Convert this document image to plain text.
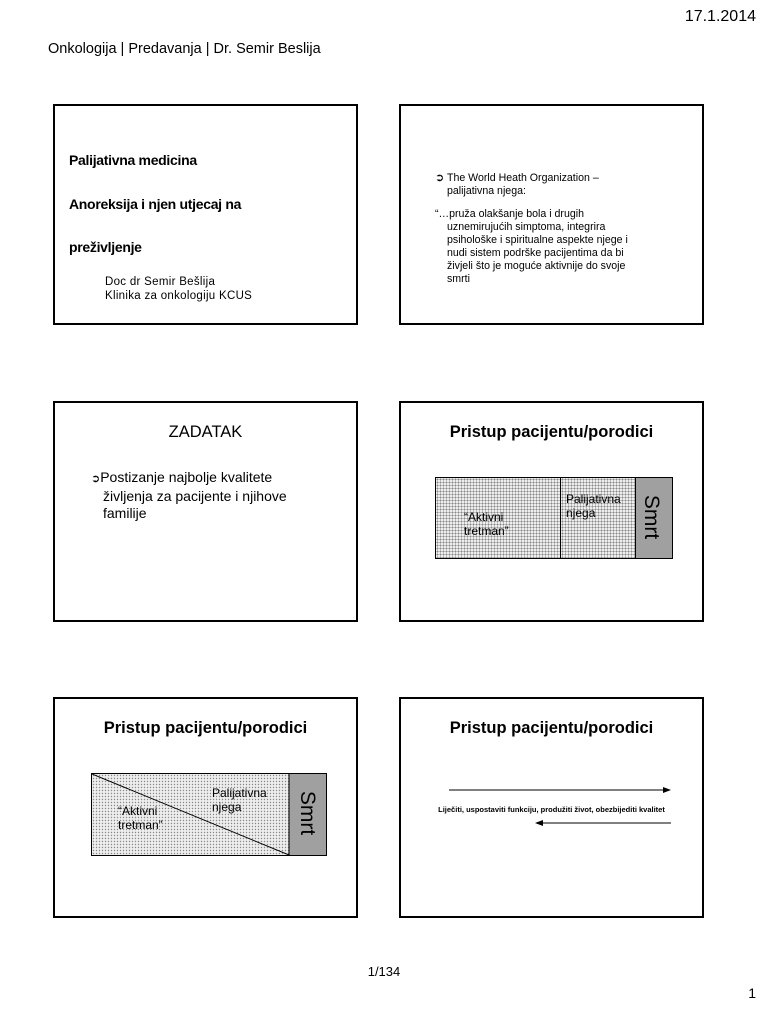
17.1.2014
Onkologija | Predavanja | Dr. Semir Beslija
Palijativna medicina
Anoreksija i njen utjecaj na
preživljenje
Doc dr Semir Bešlija
Klinika za onkologiju KCUS
➲ The World Heath Organization –
palijativna njega:
“…pruža olakšanje bola i drugih
uznemirujućih simptoma, integrira
psihološke i spiritualne aspekte njege i
nudi sistem podrške pacijentima da bi
živjeli što je moguće aktivnije do svoje
smrti
ZADATAK
➲Postizanje najbolje kvalitete
življenja za pacijente i njihove
familije
Pristup pacijentu/porodici
“Aktivni
tretman”
Palijativna
njega	Smrt
Pristup pacijentu/porodici
“Aktivni
tretman”
Palijativna
njega	Smrt
Pristup pacijentu/porodici
Liječiti, uspostaviti funkciju, produžiti život, obezbijediti kvalitet
1/134
1
